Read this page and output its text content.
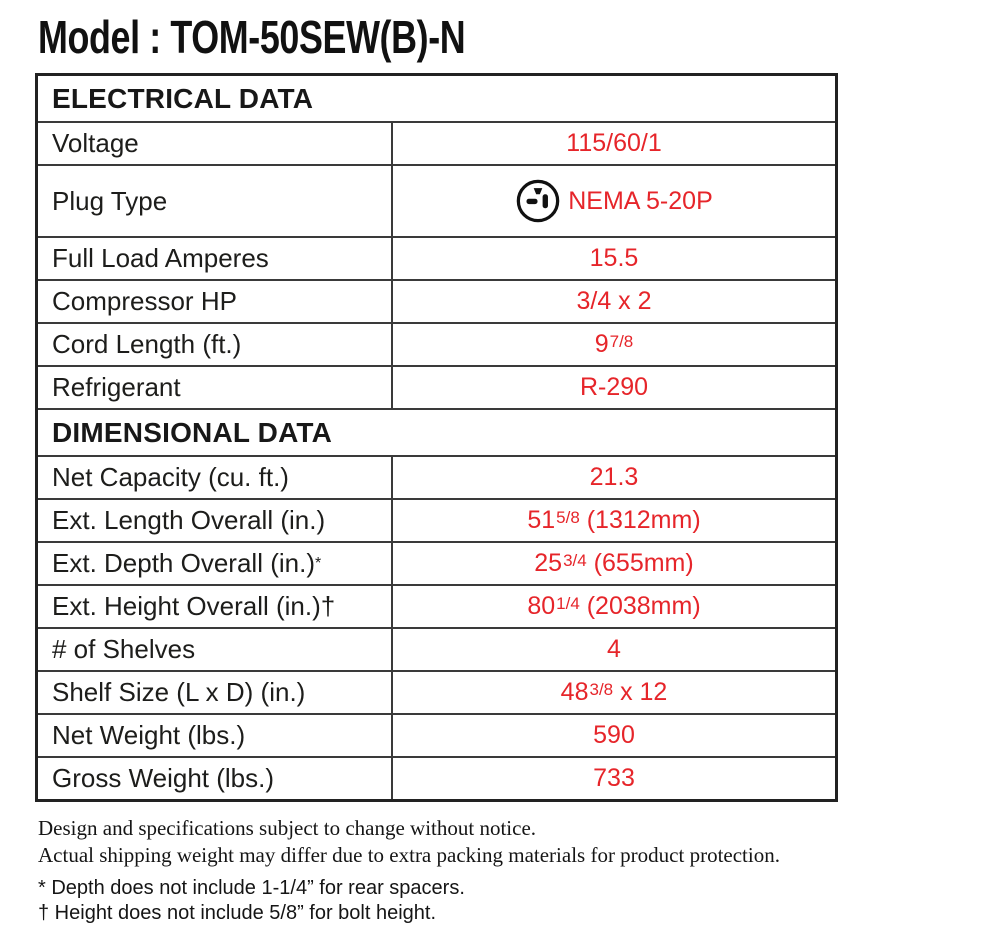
Model : TOM-50SEW(B)-N
ELECTRICAL DATA
Voltage	115/60/1
Plug Type	NEMA 5-20P
Full Load Amperes	15.5
Compressor HP	3/4 x 2
Cord Length (ft.)	9 7/8
Refrigerant	R-290
DIMENSIONAL DATA
Net Capacity (cu. ft.)	21.3
Ext. Length Overall (in.)	51 5/8 (1312mm)
Ext. Depth Overall (in.) *	25 3/4 (655mm)
Ext. Height Overall (in.)†	80 1/4 (2038mm)
# of Shelves	4
Shelf Size (L x D) (in.)	48 3/8 x 12
Net Weight (lbs.)	590
Gross Weight (lbs.)	733
Design and specifications subject to change without notice.
Actual shipping weight may differ due to extra packing materials for product protection.
* Depth does not include 1-1/4” for rear spacers.
† Height does not include 5/8” for bolt height.
